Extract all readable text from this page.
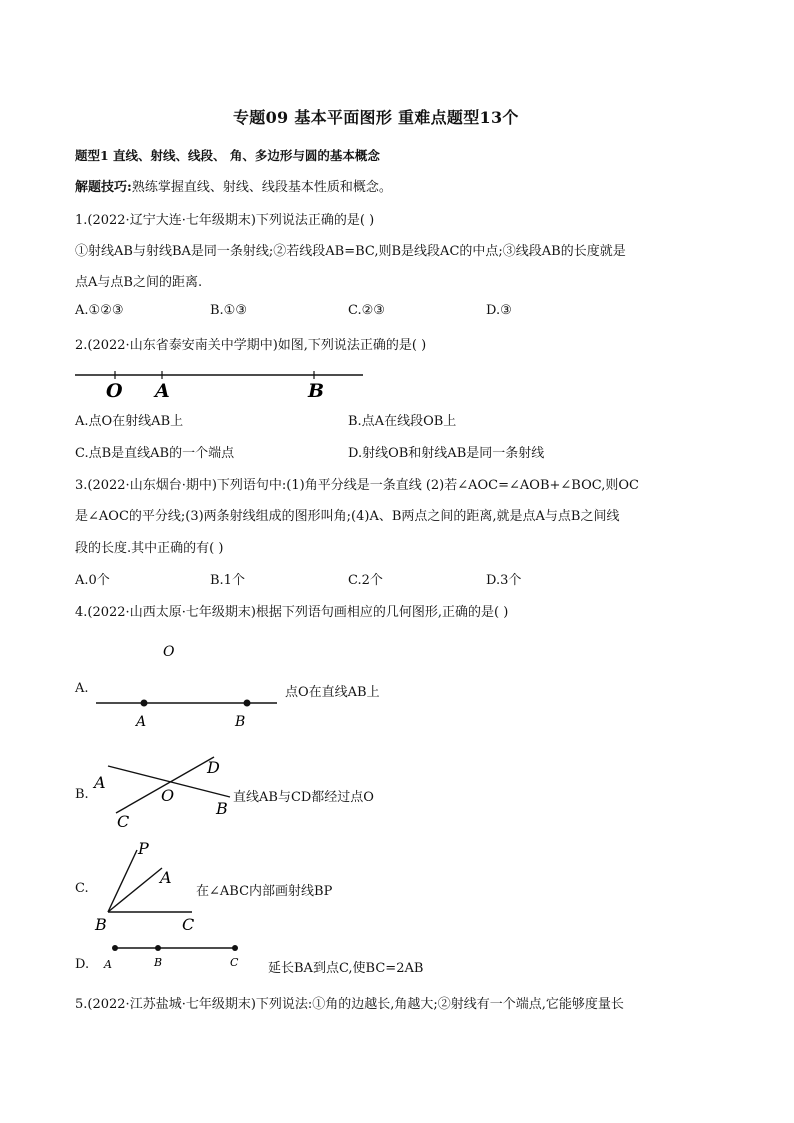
专题09 基本平面图形 重难点题型13个
题型1 直线、射线、线段、 角、多边形与圆的基本概念
解题技巧:熟练掌握直线、射线、线段基本性质和概念。
1.(2022·辽宁大连·七年级期末)下列说法正确的是( )
①射线AB与射线BA是同一条射线;②若线段AB=BC,则B是线段AC的中点;③线段AB的长度就是
点A与点B之间的距离.
A.①②③	B.①③	C.②③	D.③
2.(2022·山东省泰安南关中学期中)如图,下列说法正确的是( )
O A	B
A.点O在射线AB上	B.点A在线段OB上
C.点B是直线AB的一个端点	D.射线OB和射线AB是同一条射线
3.(2022·山东烟台·期中)下列语句中:(1)角平分线是一条直线 (2)若∠AOC=∠AOB+∠BOC,则OC
是∠AOC的平分线;(3)两条射线组成的图形叫角;(4)A、B两点之间的距离,就是点A与点B之间线
段的长度.其中正确的有( )
A.0个	B.1个	C.2个	D.3个
4.(2022·山西太原·七年级期末)根据下列语句画相应的几何图形,正确的是( )
O
A	B
A.	点O在直线AB上
A
D
O
C
B
B.	直线AB与CD都经过点O
P
A
B	C
C.	在∠ABC内部画射线BP
A	B	C
D.	延长BA到点C,使BC=2AB
5.(2022·江苏盐城·七年级期末)下列说法:①角的边越长,角越大;②射线有一个端点,它能够度量长
